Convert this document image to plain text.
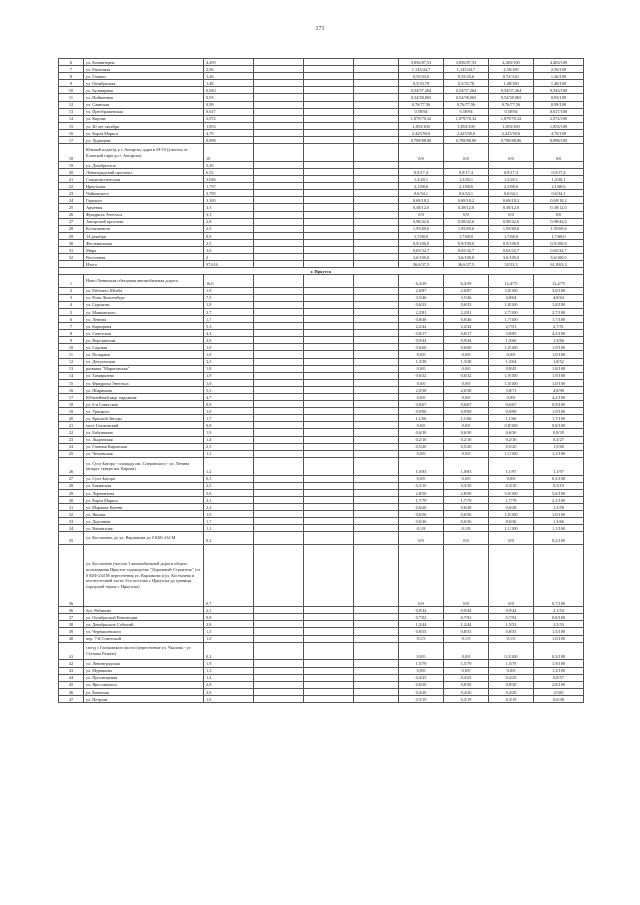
171
6	ул. Коминтерна	4,495				3,856/87,53	3,856/87,53	4,403/100	4,403/100
7	ул. Рыночная	2,56				1,145/44,7	1,145/44,7	2,56/100	2,56/100
8	ул. Глинки	1,26				0,55/43,6	0,55/43,6	0,72/3,61	1,26/100
9	ул. Октябрьская	1,48				0,5/33,78	0,5/33,78	1,48/100	1,48/100
10	ул. Бульварная	0,943				0,54/57,264	0,54/57,264	0,54/57,264	0,943/100
11	ул. Пойменная	0,93				0,54/58,065	0,54/58,065	0,54/58,065	0,93/100
12	ул. Саянская	0,98				0,76/77,56	0,76/77,56	0,76/77,56	0,98/100
13	ул. Преображенская	0,617				0,58/94	0,58/94	0,58/94	0,617/100
14	ул. Кирова	2,072				1,879/70,32	1,879/70,32	1,879/70,32	2,072/100
15	ул. 40 лет октября	1,853				1,853/100	1,853/100	1,853/100	1,853/100
16	ул. Карла Маркса	4,79				2,425/50,6	2,425/50,6	2,425/50,6	4,79/100
17	ул. Лудищева	0,898				0,798/88,86	0,798/88,86	0,798/88,86	0,898/100
18	Южный подъезд к г. Ангарску дороги М-53 (участок от Еловской горы до г. Ангарска)	10				0/0	0/0	0/0	0/0
19	ул. Декабристов	5,29							
20	Ленинградский проспект	6,52				0,9/17,4	0,9/17,4	0,9/17,4	0,9/17,4
21	Социалистическая	3,046				1,3/20,1	1,3/20,1	1,3/20,1	1,3/20,1
22	Иркутская	1,757				2,1/68,6	2,1/68,6	2,1/68,6	2,1/68,6
23	Чайковского	3,785				0,6/34,1	0,6/34,1	0,6/34,1	0,6/34,1
24	Горького	3,165				0,69/18,2	0,69/18,2	0,69/18,2	0,69/18,2
25	Армения	3,3				0,38/12,0	0,38/12,0	0,38/12,0	0,38/12,0
26	Фридриха Энгельса	3,3				0/0	0/0	0/0	0/0
27	Ангарский проспект	2,8				0,98/42,6	0,98/42,6	0,98/42,6	0,98/42,6
28	Космонавтов	2,5				1,95/69,6	1,95/69,6	1,95/69,6	1,95/69,6
29	14 декабря	0,9				1,7/68,0	1,7/68,0	1,7/68,0	1,7/68,0
30	Фестивальная	2,5				0,9/100,0	0,9/100,0	0,9/100,0	0,9/100,0
31	Мира	3,6				0,65/32,7	0,65/32,7	0,65/32,7	0,65/32,7
32	Восточная	2				3,6/100,0	3,6/100,0	3,6/100,0	3,6/100,0
	Итого	97,616				36,6/37,5	36,6/37,5	52/53,3	61,8/63,3
г. Иркутск									
1	Ново-Ленинская объездная автомобильная дорога	16,6				6,4/39	6,4/39	12,4/75	12,4/75
2	ул. Рабочего Штаба	1,9				2,6/87	2,6/87	3,0/100	3,0/100
3	ул. Розы Люксембург	7,5				3,5/46	3,5/46	4,8/64	4,8/64
4	ул. Сурикова	1,8				0,6/33	0,6/33	1,8/100	1,8/100
5	ул. Маяковского	2,7				2,2/81	2,2/81	2,7/100	2,7/100
6	ул. Ленина	1,7				0,8/46	0,8/46	1,7/100	1,7/100
7	ул. Карьерная	5,3				2,2/42	2,2/42	2,7/51	2,7/51
8	ул. Советская	4,4				0,8/17	0,8/17	3,8/85	4,5/100
9	ул. Ворошилова	2,0				0,9/44	0,9/44	1,3/66	1,3/66
10	ул. Садовая	1,0				0,6/60	0,6/60	1,0/100	1,0/100
11	ул. Полярная	1,0				0,0/0	0,0/0	0,0/0	1,0/100
12	ул. Депутатская	3,3				1,3/38	1,3/38	1,3/64	1,8/52
13	развязка "Маратовская"	1,8				0,0/0	0,0/0	0,8/45	1,8/100
14	ул. Тимирязева	1,9				0,6/32	0,6/32	1,9/100	1,9/100
15	ул. Фридриха Энгельса	1,0				0,0/0	0,0/0	1,0/100	1,0/100
16	ул. Ширямова	5,3				2,0/38	2,0/38	3,8/71	4,8/90
17	Юбилейный мкр. окружная	4,7				0,0/0	0,0/0	0,0/0	4,2/100
18	ул. 6-я Советская	0,9				0,6/67	0,6/67	0,6/67	0,9/100
19	ул. Урицкого	1,0				0,9/90	0,9/90	0,9/90	1,0/100
20	ул. Красной Звезды	1,7				1,1/66	1,1/66	1,1/66	1,7/100
21	мост Глазковский	0,8				0,0/0	0,0/0	0,8/100	0,8/100
22	ул. Бабушкина	1,9				0,6/30	0,6/30	0,6/30	0,8/39
23	ул. Лыдинская	1,4				0,2/16	0,2/16	0,2/16	0,4/27
24	ул. Главная Кировская	2,5				0,5/20	0,5/20	0,5/20	1,5/60
25	ул. Чехаевская	1,1				0,0/0	0,0/0	1,1/100	1,1/100
26	ул. Сухэ-Батора - площадь им. Сперанского - ул. Ленина (вокруг сквера им. Кирова)	1,2				1,0/83	1,0/83	1,1/97	1,1/97
27	ул. Сухэ-Батора	0,3				0,0/0	0,0/0	0,0/0	0,3/100
28	ул. Бакинская	2,5				0,3/10	0,3/10	0,3/10	0,3/19
29	ул. Лермонтова	5,6				2,8/50	2,8/50	5,6/100	5,6/100
30	ул. Карла Маркса	2,1				1,7/79	1,7/79	1,7/79	2,1/100
31	ул. Марчика Конева	2,2				0,6/28	0,6/28	0,6/28	1,3/58
32	ул. Янская	1,0				0,6/56	0,6/56	1,0/100	1,0/100
33	ул. Доронина	1,7				0,6/36	0,6/36	0,6/36	1,3/66
34	ул. Вампилова	1,1				0,1/8	0,1/8	1,1/100	1,1/100
35	ул. Костычева, до ул. Варламова до 0 КМ+234 М	0,2				0/0	0/0	0/0	0,2/100
36	ул. Костычева участок 1 автомобильной дороги общего пользования Иркутск-садоводство "Дорожный-Строитель" (от 0 КМ+234 М пересечения ул. Варламова и ул. Костычева и кто-восточной части 3-го поселка г. Иркутска до границы городской черты г. Иркутска)	0,7				0/0	0/0	0/0	0,7/100
36	бул. Рябикова	2,1				0,9/44	0,9/44	0,9/44	2,1/54
37	ул. Октябрьской Революции	0,8				0,7/92	0,7/92	0,7/92	0,8/100
38	ул. Декабрьских Событий	2,8				1,2/44	1,2/44	1,5/53	1,5/53
39	ул. Чернышевского	1,5				0,8/55	0,8/55	0,8/55	1,5/100
40	пер. 7-й Советский	1,0				0,1/5	0,1/5	0,1/5	1,0/100
41	съезд с Глазковского моста (пересечение ул. Чкалова - ул Степана Разина)	0,3				0,0/0	0,0/0	0,3/100	0,3/100
42	ул. Ленинградская	1,9				1,5/79	1,5/79	1,5/79	1,9/100
43	ул. Муравьева	1,3				0,0/0	0,0/0	0,0/0	1,3/100
44	ул. Просвещения	1,4				0,4/25	0,4/25	0,4/25	0,8/57
45	ул. Ярославского	2,8				0,8/30	0,8/30	0,8/30	2,8/100
46	ул. Киевская	2,0				0,4/20	0,4/20	0,4/20	2/100
47	ул. Петрова	1,6				0,3/19	0,3/19	0,3/19	0,6/38
